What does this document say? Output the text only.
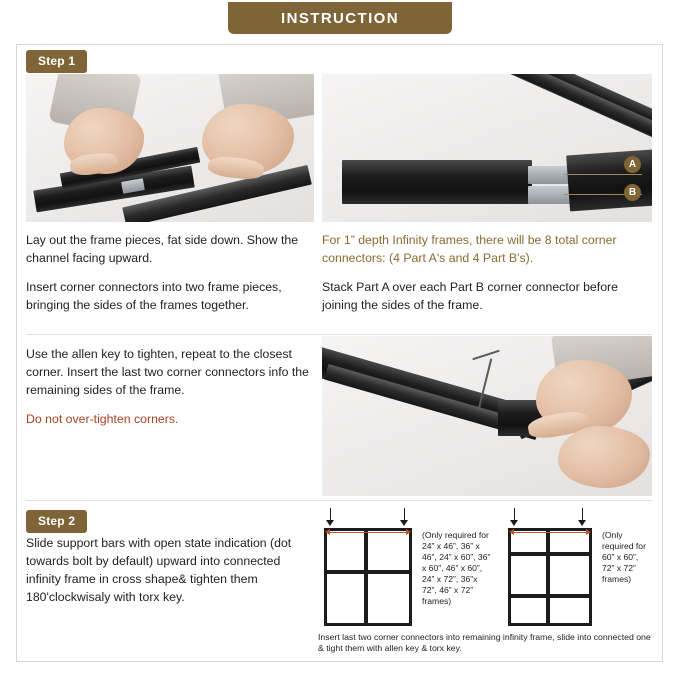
INSTRUCTION
Step 1
A
B

Lay out the frame pieces, fat side down. Show the channel facing upward.

Insert corner connectors into two frame pieces, bringing the sides of the frames together.

For 1” depth Infinity frames, there will be 8 total corner connectors: (4 Part A's and 4 Part B's).

Stack Part A over each Part B corner connector before joining the sides of the frame.

Use the allen key to tighten, repeat to the closest corner. Insert the last two corner connectors info the remaining sides of the frame.

Do not over-tighten corners.

Step 2

Slide support bars with open state indication (dot towards bolt by default) upward into connected infinity frame in cross shape& tighten them 180'clockwisaly with torx key.

(Only required for 24” x 46”, 36” x 46”, 24” x 60”, 36” x 60”, 46” x 60”, 24” x 72”, 36”x 72”, 46” x 72” frames)
(Only required for 60” x 60”, 72” x 72” frames)
Insert last two corner connectors into remaining infinity frame, slide into connected one & tight them with allen key & torx key.
